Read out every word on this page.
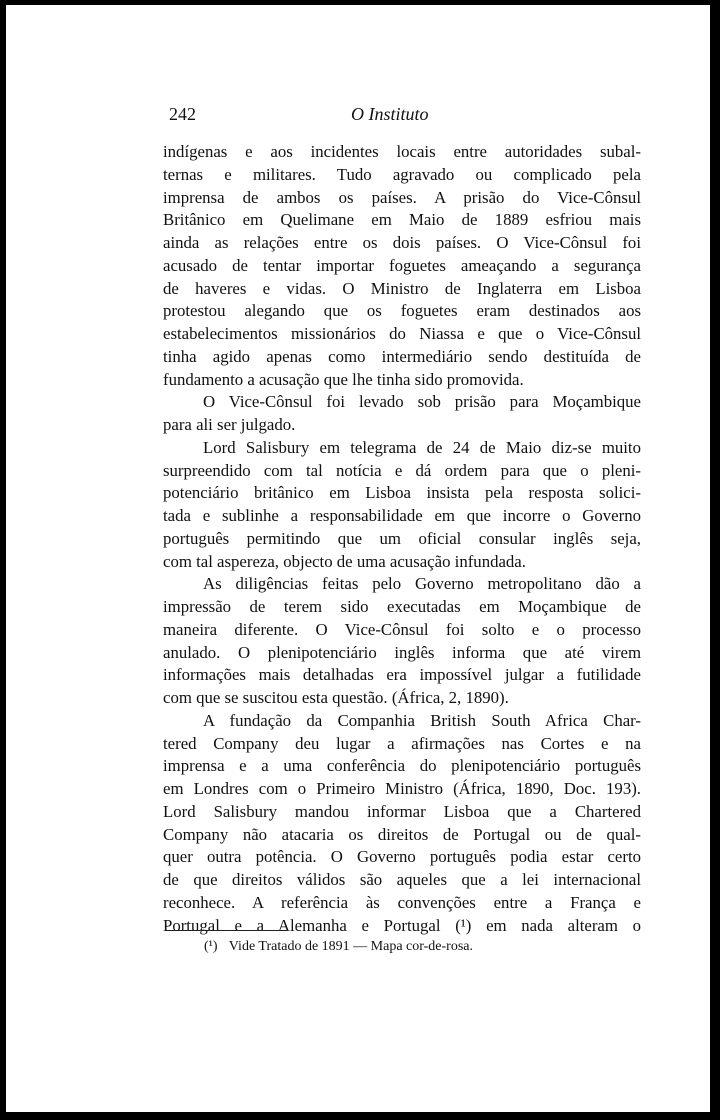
242	O Instituto
indígenas e aos incidentes locais entre autoridades subal-
ternas e militares. Tudo agravado ou complicado pela
imprensa de ambos os países. A prisão do Vice-Cônsul
Britânico em Quelimane em Maio de 1889 esfriou mais
ainda as relações entre os dois países. O Vice-Cônsul foi
acusado de tentar importar foguetes ameaçando a segurança
de haveres e vidas. O Ministro de Inglaterra em Lisboa
protestou alegando que os foguetes eram destinados aos
estabelecimentos missionários do Niassa e que o Vice-Cônsul
tinha agido apenas como intermediário sendo destituída de
fundamento a acusação que lhe tinha sido promovida.
O Vice-Cônsul foi levado sob prisão para Moçambique
para ali ser julgado.
Lord Salisbury em telegrama de 24 de Maio diz-se muito
surpreendido com tal notícia e dá ordem para que o pleni-
potenciário britânico em Lisboa insista pela resposta solici-
tada e sublinhe a responsabilidade em que incorre o Governo
português permitindo que um oficial consular inglês seja,
com tal aspereza, objecto de uma acusação infundada.
As diligências feitas pelo Governo metropolitano dão a
impressão de terem sido executadas em Moçambique de
maneira diferente. O Vice-Cônsul foi solto e o processo
anulado. O plenipotenciário inglês informa que até virem
informações mais detalhadas era impossível julgar a futilidade
com que se suscitou esta questão. (África, 2, 1890).
A fundação da Companhia British South Africa Char-
tered Company deu lugar a afirmações nas Cortes e na
imprensa e a uma conferência do plenipotenciário português
em Londres com o Primeiro Ministro (África, 1890, Doc. 193).
Lord Salisbury mandou informar Lisboa que a Chartered
Company não atacaria os direitos de Portugal ou de qual-
quer outra potência. O Governo português podia estar certo
de que direitos válidos são aqueles que a lei internacional
reconhece. A referência às convenções entre a França e
Portugal e a Alemanha e Portugal (¹) em nada alteram o
(¹) Vide Tratado de 1891 — Mapa cor-de-rosa.
